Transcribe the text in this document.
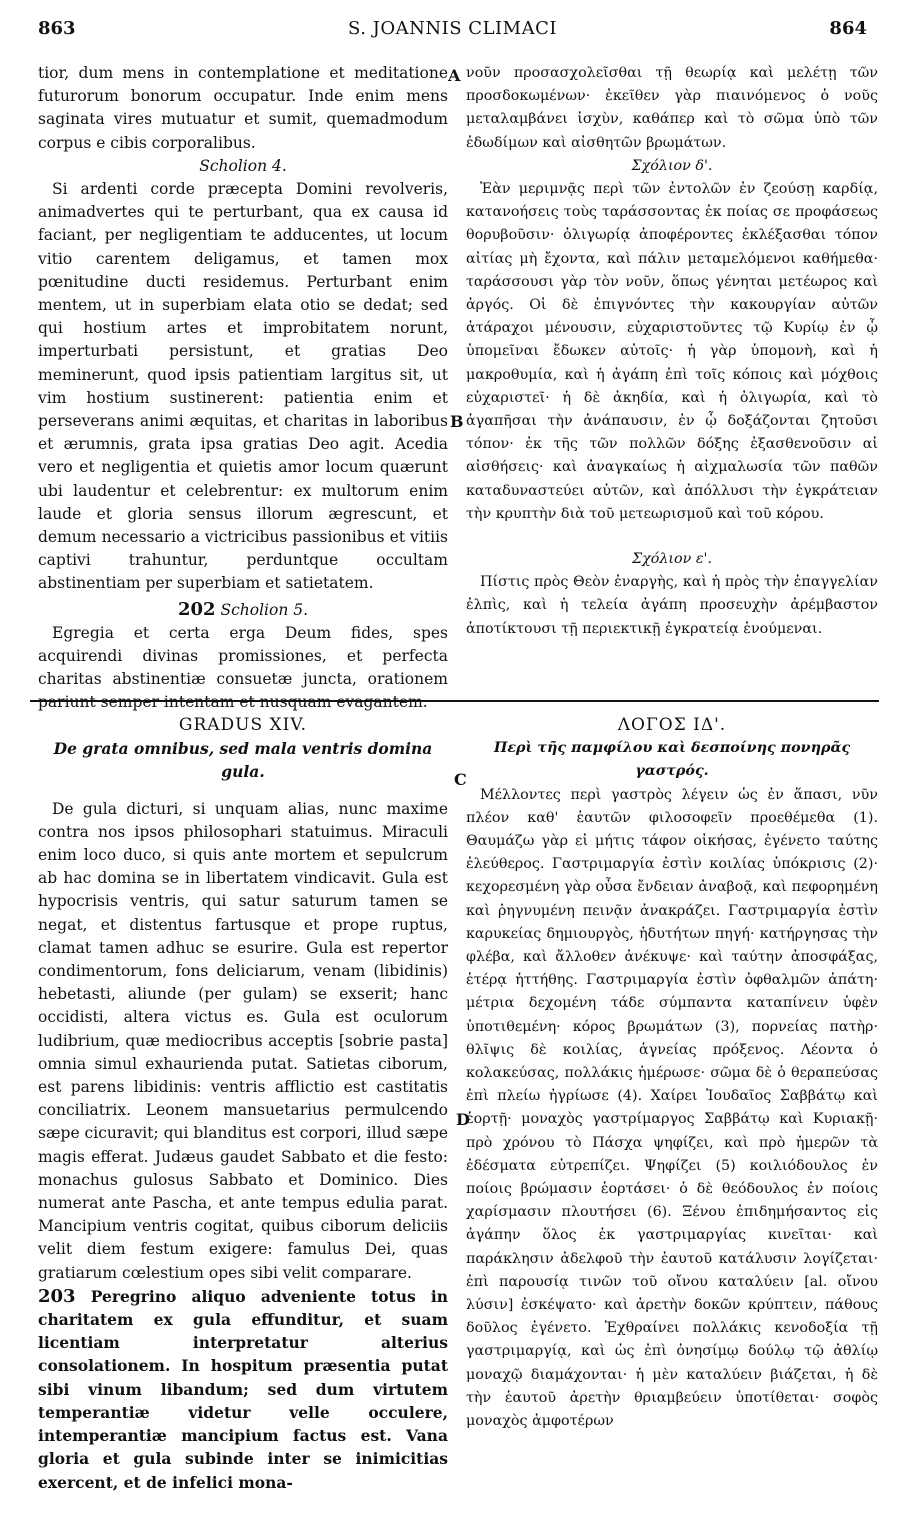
863	S. JOANNIS CLIMACI	864
A
B
C
D

tior, dum mens in contemplatione et meditatione futurorum bonorum occupatur. Inde enim mens saginata vires mutuatur et sumit, quemadmodum corpus e cibis corporalibus.

Scholion 4.

Si ardenti corde præcepta Domini revolveris, animadvertes qui te perturbant, qua ex causa id faciant, per negligentiam te adducentes, ut locum vitio carentem deligamus, et tamen mox pœnitudine ducti residemus. Perturbant enim mentem, ut in superbiam elata otio se dedat; sed qui hostium artes et improbitatem norunt, imperturbati persistunt, et gratias Deo meminerunt, quod ipsis patientiam largitus sit, ut vim hostium sustinerent: patientia enim et perseverans animi æquitas, et charitas in laboribus et ærumnis, grata ipsa gratias Deo agit. Acedia vero et negligentia et quietis amor locum quærunt ubi laudentur et celebrentur: ex multorum enim laude et gloria sensus illorum ægrescunt, et demum necessario a victricibus passionibus et vitiis captivi trahuntur, perduntque occultam abstinentiam per superbiam et satietatem.

202 Scholion 5.

Egregia et certa erga Deum fides, spes acquirendi divinas promissiones, et perfecta charitas abstinentiæ consuetæ juncta, orationem pariunt semper intentam et nusquam evagantem.

νοῦν προσασχολεῖσθαι τῇ θεωρίᾳ καὶ μελέτῃ τῶν προσδοκωμένων· ἐκεῖθεν γὰρ πιαινόμενος ὁ νοῦς μεταλαμβάνει ἰσχὺν, καθάπερ καὶ τὸ σῶμα ὑπὸ τῶν ἐδωδίμων καὶ αἰσθητῶν βρωμάτων.

Σχόλιον δ'.

Ἐὰν μεριμνᾷς περὶ τῶν ἐντολῶν ἐν ζεούσῃ καρδίᾳ, κατανοήσεις τοὺς ταράσσοντας ἐκ ποίας σε προφάσεως θορυβοῦσιν· ὀλιγωρίᾳ ἀποφέροντες ἐκλέξασθαι τόπον αἰτίας μὴ ἔχοντα, καὶ πάλιν μεταμελόμενοι καθήμεθα· ταράσσουσι γὰρ τὸν νοῦν, ὅπως γένηται μετέωρος καὶ ἀργός. Οἱ δὲ ἐπιγνόντες τὴν κακουργίαν αὐτῶν ἀτάραχοι μένουσιν, εὐχαριστοῦντες τῷ Κυρίῳ ἐν ᾧ ὑπομεῖναι ἔδωκεν αὐτοῖς· ἡ γὰρ ὑπομονὴ, καὶ ἡ μακροθυμία, καὶ ἡ ἀγάπη ἐπὶ τοῖς κόποις καὶ μόχθοις εὐχαριστεῖ· ἡ δὲ ἀκηδία, καὶ ἡ ὀλιγωρία, καὶ τὸ ἀγαπῆσαι τὴν ἀνάπαυσιν, ἐν ᾧ δοξάζονται ζητοῦσι τόπον· ἐκ τῆς τῶν πολλῶν δόξης ἐξασθενοῦσιν αἱ αἰσθήσεις· καὶ ἀναγκαίως ἡ αἰχμαλωσία τῶν παθῶν καταδυναστεύει αὐτῶν, καὶ ἀπόλλυσι τὴν ἐγκράτειαν τὴν κρυπτὴν διὰ τοῦ μετεωρισμοῦ καὶ τοῦ κόρου.

Σχόλιον ε'.

Πίστις πρὸς Θεὸν ἐναργὴς, καὶ ἡ πρὸς τὴν ἐπαγγελίαν ἐλπὶς, καὶ ἡ τελεία ἀγάπη προσευχὴν ἀρέμβαστον ἀποτίκτουσι τῇ περιεκτικῇ ἐγκρατείᾳ ἑνούμεναι.

GRADUS XIV.

De grata omnibus, sed mala ventris domina gula.

De gula dicturi, si unquam alias, nunc maxime contra nos ipsos philosophari statuimus. Miraculi enim loco duco, si quis ante mortem et sepulcrum ab hac domina se in libertatem vindicavit. Gula est hypocrisis ventris, qui satur saturum tamen se negat, et distentus fartusque et prope ruptus, clamat tamen adhuc se esurire. Gula est repertor condimentorum, fons deliciarum, venam (libidinis) hebetasti, aliunde (per gulam) se exserit; hanc occidisti, altera victus es. Gula est oculorum ludibrium, quæ mediocribus acceptis [sobrie pasta] omnia simul exhaurienda putat. Satietas ciborum, est parens libidinis: ventris afflictio est castitatis conciliatrix. Leonem mansuetarius permulcendo sæpe cicuravit; qui blanditus est corpori, illud sæpe magis efferat. Judæus gaudet Sabbato et die festo: monachus gulosus Sabbato et Dominico. Dies numerat ante Pascha, et ante tempus edulia parat. Mancipium ventris cogitat, quibus ciborum deliciis velit diem festum exigere: famulus Dei, quas gratiarum cœlestium opes sibi velit comparare.

203 Peregrino aliquo adveniente totus in charitatem ex gula effunditur, et suam licentiam interpretatur alterius consolationem. In hospitum præsentia putat sibi vinum libandum; sed dum virtutem temperantiæ videtur velle occulere, intemperantiæ mancipium factus est. Vana gloria et gula subinde inter se inimicitias exercent, et de infelici mona-

ΛΟΓΟΣ ΙΔ'.

Περὶ τῆς παμφίλου καὶ δεσποίνης πονηρᾶς γαστρός.

Μέλλοντες περὶ γαστρὸς λέγειν ὡς ἐν ἅπασι, νῦν πλέον καθ' ἑαυτῶν φιλοσοφεῖν προεθέμεθα (1). Θαυμάζω γὰρ εἰ μήτις τάφον οἰκήσας, ἐγένετο ταύτης ἐλεύθερος. Γαστριμαργία ἐστὶν κοιλίας ὑπόκρισις (2)· κεχορεσμένη γὰρ οὖσα ἔνδειαν ἀναβοᾷ, καὶ πεφορημένη καὶ ῥηγνυμένη πεινᾷν ἀνακράζει. Γαστριμαργία ἐστὶν καρυκείας δημιουργὸς, ἡδυτήτων πηγή· κατήργησας τὴν φλέβα, καὶ ἄλλοθεν ἀνέκυψε· καὶ ταύτην ἀποσφάξας, ἑτέρᾳ ἡττήθης. Γαστριμαργία ἐστὶν ὀφθαλμῶν ἀπάτη· μέτρια δεχομένη τάδε σύμπαντα καταπίνειν ὑφὲν ὑποτιθεμένη· κόρος βρωμάτων (3), πορνείας πατὴρ· θλῖψις δὲ κοιλίας, ἁγνείας πρόξενος. Λέοντα ὁ κολακεύσας, πολλάκις ἡμέρωσε· σῶμα δὲ ὁ θεραπεύσας ἐπὶ πλείω ἠγρίωσε (4). Χαίρει Ἰουδαῖος Σαββάτῳ καὶ ἑορτῇ· μοναχὸς γαστρίμαργος Σαββάτῳ καὶ Κυριακῇ· πρὸ χρόνου τὸ Πάσχα ψηφίζει, καὶ πρὸ ἡμερῶν τὰ ἐδέσματα εὐτρεπίζει. Ψηφίζει (5) κοιλιόδουλος ἐν ποίοις βρώμασιν ἑορτάσει· ὁ δὲ θεόδουλος ἐν ποίοις χαρίσμασιν πλουτήσει (6). Ξένου ἐπιδημήσαντος εἰς ἀγάπην ὅλος ἐκ γαστριμαργίας κινεῖται· καὶ παράκλησιν ἀδελφοῦ τὴν ἑαυτοῦ κατάλυσιν λογίζεται· ἐπὶ παρουσίᾳ τινῶν τοῦ οἴνου καταλύειν [al. οἴνου λύσιν] ἐσκέψατο· καὶ ἀρετὴν δοκῶν κρύπτειν, πάθους δοῦλος ἐγένετο. Ἐχθραίνει πολλάκις κενοδοξία τῇ γαστριμαργίᾳ, καὶ ὡς ἐπὶ ὀνησίμῳ δούλῳ τῷ ἀθλίῳ μοναχῷ διαμάχονται· ἡ μὲν καταλύειν βιάζεται, ἡ δὲ τὴν ἑαυτοῦ ἀρετὴν θριαμβεύειν ὑποτίθεται· σοφὸς μοναχὸς ἀμφοτέρων
